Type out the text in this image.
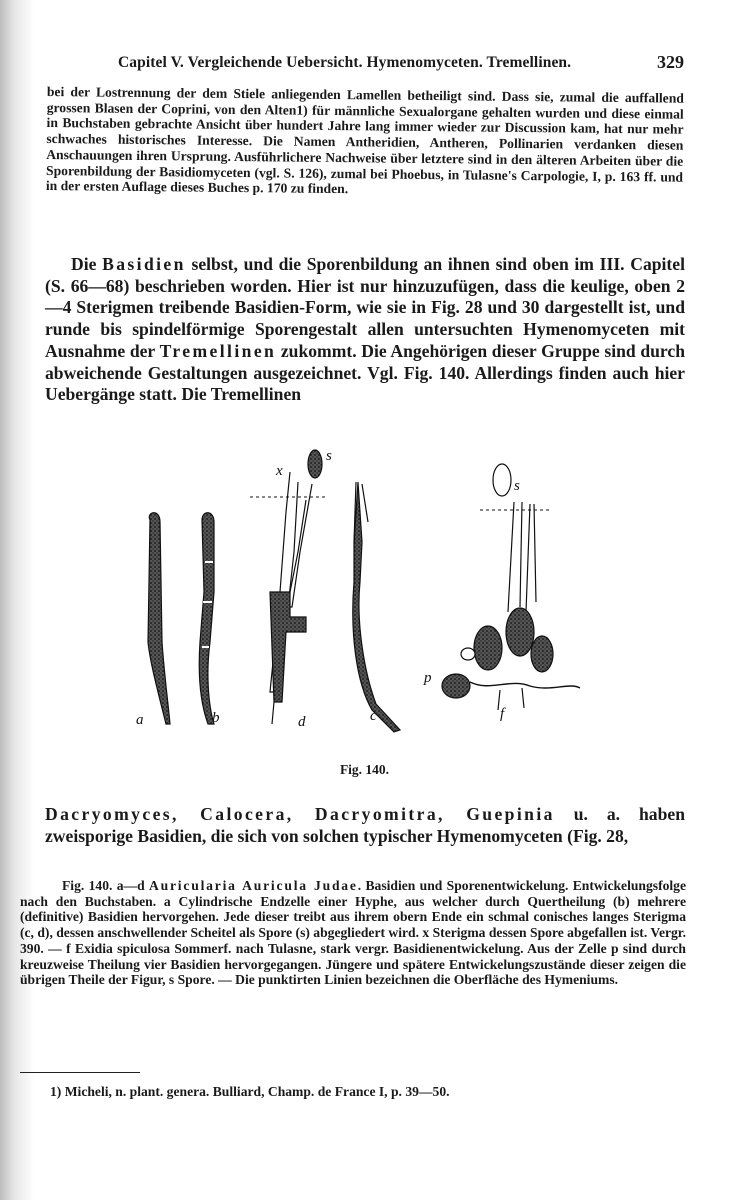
Capitel V. Vergleichende Uebersicht. Hymenomyceten. Tremellinen.	329
bei der Lostrennung der dem Stiele anliegenden Lamellen betheiligt sind. Dass sie, zumal die auffallend grossen Blasen der Coprini, von den Alten1) für männliche Sexualorgane gehalten wurden und diese einmal in Buchstaben gebrachte Ansicht über hundert Jahre lang immer wieder zur Discussion kam, hat nur mehr schwaches historisches Interesse. Die Namen Antheridien, Antheren, Pollinarien verdanken diesen Anschauungen ihren Ursprung. Ausführlichere Nachweise über letztere sind in den älteren Arbeiten über die Sporenbildung der Basidiomyceten (vgl. S. 126), zumal bei Phoebus, in Tulasne's Carpologie, I, p. 163 ff. und in der ersten Auflage dieses Buches p. 170 zu finden.

Die Basidien selbst, und die Sporenbildung an ihnen sind oben im III. Capitel (S. 66—68) beschrieben worden. Hier ist nur hinzuzufügen, dass die keulige, oben 2—4 Sterigmen treibende Basidien-Form, wie sie in Fig. 28 und 30 dargestellt ist, und runde bis spindelförmige Sporengestalt allen untersuchten Hymenomyceten mit Ausnahme der Tremellinen zukommt. Die Angehörigen dieser Gruppe sind durch abweichende Gestaltungen ausgezeichnet. Vgl. Fig. 140. Allerdings finden auch hier Uebergänge statt. Die Tremellinen

a	b
x
s
d	c
s
p
f
Fig. 140.
Dacryomyces, Calocera, Dacryomitra, Guepinia u. a. haben zweisporige Basidien, die sich von solchen typischer Hymenomyceten (Fig. 28,

Fig. 140. a—d Auricularia Auricula Judae. Basidien und Sporenentwickelung. Entwickelungsfolge nach den Buchstaben. a Cylindrische Endzelle einer Hyphe, aus welcher durch Quertheilung (b) mehrere (definitive) Basidien hervorgehen. Jede dieser treibt aus ihrem obern Ende ein schmal conisches langes Sterigma (c, d), dessen anschwellender Scheitel als Spore (s) abgegliedert wird. x Sterigma dessen Spore abgefallen ist. Vergr. 390. — f Exidia spiculosa Sommerf. nach Tulasne, stark vergr. Basidienentwickelung. Aus der Zelle p sind durch kreuzweise Theilung vier Basidien hervorgegangen. Jüngere und spätere Entwickelungszustände dieser zeigen die übrigen Theile der Figur, s Spore. — Die punktirten Linien bezeichnen die Oberfläche des Hymeniums.

1) Micheli, n. plant. genera. Bulliard, Champ. de France I, p. 39—50.
